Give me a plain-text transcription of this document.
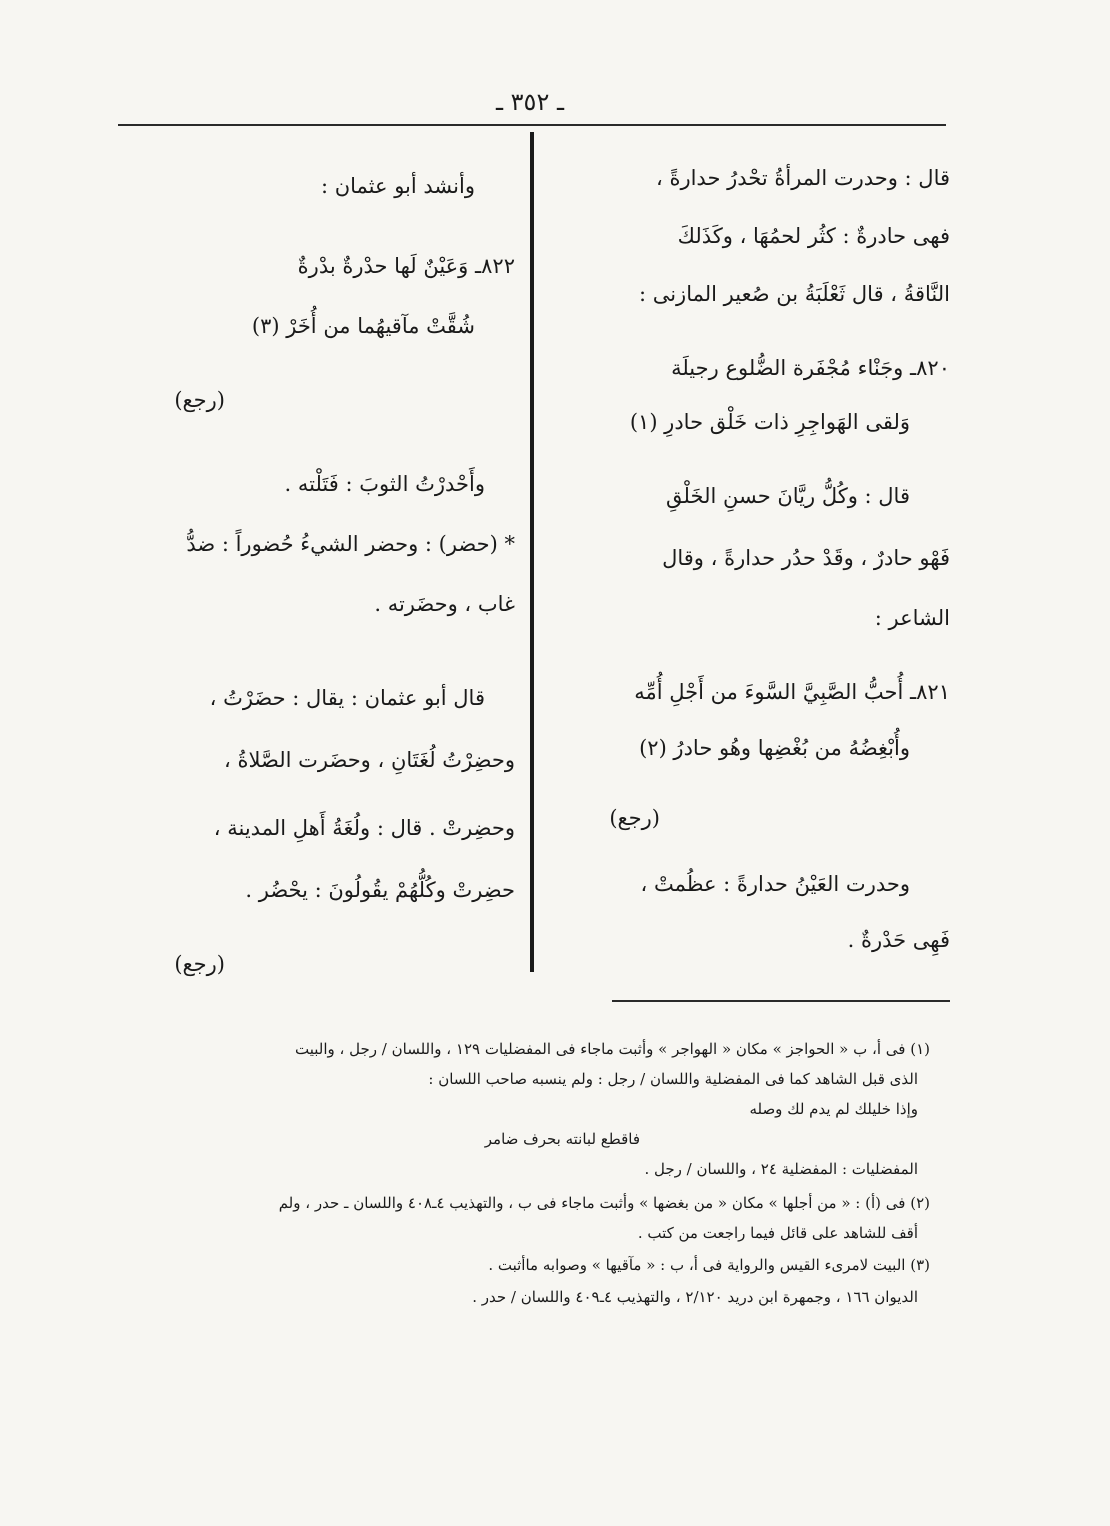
ـ ٣٥٢ ـ
قال : وحدرت المرأةُ تحْدرُ حدارةً ،
فهى حادرةٌ : كثُر لحمُهَا ، وكَذَلكَ
النَّاقةُ ، قال ثَعْلَبَةُ بن صُعير المازنى :
٨٢٠ـ وجَنْاء مُجْفَرة الضُّلوع رجيلَة
وَلقى الهَواجِرِ ذات خَلْق حادرِ (١)
قال : وكُلُّ ريَّانَ حسنِ الخَلْقِ
فَهْو حادرٌ ، وقَدْ حدُر حدارةً ، وقال
الشاعر :
٨٢١ـ أُحبُّ الصَّبِيَّ السَّوءَ من أَجْلِ أُمِّه
وأُبْغِضُهُ من بُغْضِها وهُو حادرُ (٢)
(رجع)
وحدرت العَيْنُ حدارةً : عظُمتْ ،
فَهِى حَدْرةٌ .
وأنشد أبو عثمان :
٨٢٢ـ وَعَيْنٌ لَها حدْرةٌ بدْرةٌ
شُقَّتْ مآقيهُما من أُخَرْ (٣)
(رجع)
وأَحْدرْتُ الثوبَ : فَتَلْته .
* (حضر) : وحضر الشيءُ حُضوراً : ضدُّ
غاب ، وحضَرته .
قال أبو عثمان : يقال : حضَرْتُ ،
وحضِرْتُ لُغَتَانِ ، وحضَرت الصَّلاةُ ،
وحضِرتْ . قال : ولُغَةُ أَهلِ المدينة ،
حضِرتْ وكُلُّهُمْ يقُولُونَ : يحْضُر .
(رجع)
(١) فى أ، ب « الحواجز » مكان « الهواجر » وأثبت ماجاء فى المفضليات ١٢٩ ، واللسان / رجل ، والبيت
الذى قبل الشاهد كما فى المفضلية واللسان / رجل : ولم ينسبه صاحب اللسان :
وإذا خليلك لم يدم لك وصله
فاقطع لبانته بحرف ضامر
المفضليات : المفضلية ٢٤ ، واللسان / رجل .
(٢) فى (أ) : « من أجلها » مكان « من بغضها » وأثبت ماجاء فى ب ، والتهذيب ٤ـ٤٠٨ واللسان ـ حدر ، ولم
أقف للشاهد على قائل فيما راجعت من كتب .
(٣) البيت لامرىء القيس والرواية فى أ، ب : « مآقيها » وصوابه ماأثبت .
الديوان ١٦٦ ، وجمهرة ابن دريد ٢/١٢٠ ، والتهذيب ٤ـ٤٠٩ واللسان / حدر .
